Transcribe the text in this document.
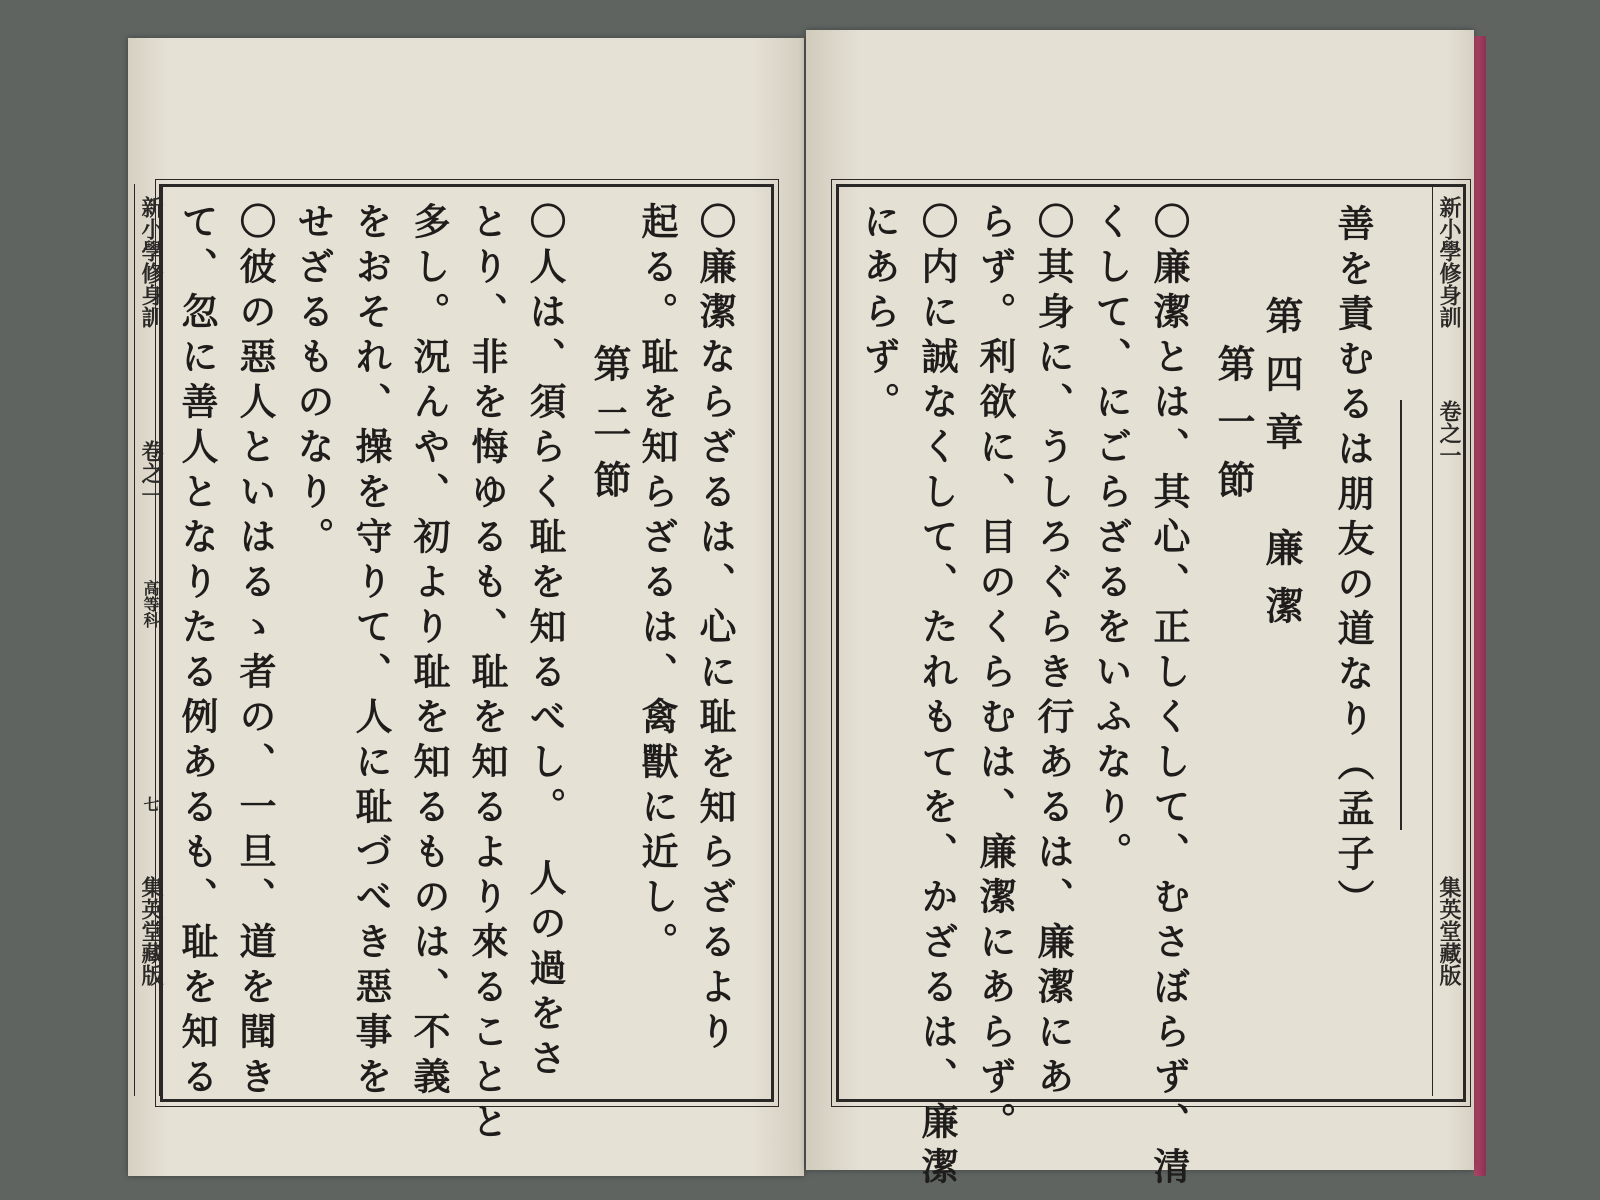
新小學修身訓
卷之一
高等科
七
集英堂藏版	〇廉潔ならざるは、心に耻を知らざるより
起る。耻を知らざるは、禽獸に近し。
第二節
〇人は、須らく耻を知るべし。　人の過をさ
とり、非を悔ゆるも、耻を知るより來ることと
多し。況んや、初より耻を知るものは、不義
をおそれ、操を守りて、人に耻づべき惡事を
せざるものなり。
〇彼の惡人といはるゝ者の、一旦、道を聞き
て、忽に善人となりたる例あるも、耻を知る	新小學修身訓
卷之一
集英堂藏版
善を責むるは朋友の道なり（孟子）
第四章　廉潔
第一節
〇廉潔とは、其心、正しくして、むさぼらず、清
くして、にごらざるをいふなり。
〇其身に、うしろぐらき行あるは、廉潔にあ
らず。利欲に、目のくらむは、廉潔にあらず。
〇内に誠なくして、たれもてを、かざるは、廉潔
にあらず。
